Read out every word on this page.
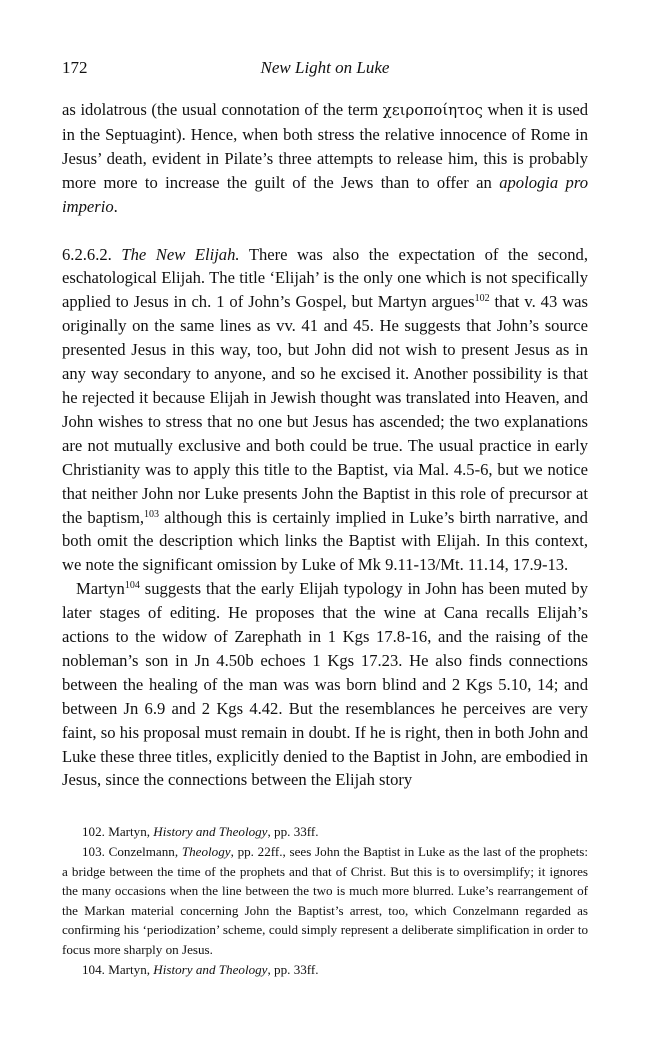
172	New Light on Luke

as idolatrous (the usual connotation of the term χειροποίητος when it is used in the Septuagint). Hence, when both stress the relative innocence of Rome in Jesus’ death, evident in Pilate’s three attempts to release him, this is probably more more to increase the guilt of the Jews than to offer an apologia pro imperio.

6.2.6.2. The New Elijah. There was also the expectation of the second, eschatological Elijah. The title ‘Elijah’ is the only one which is not specifically applied to Jesus in ch. 1 of John’s Gospel, but Martyn argues$^{102}$ that v. 43 was originally on the same lines as vv. 41 and 45. He suggests that John’s source presented Jesus in this way, too, but John did not wish to present Jesus as in any way secondary to anyone, and so he excised it. Another possibility is that he rejected it because Elijah in Jewish thought was translated into Heaven, and John wishes to stress that no one but Jesus has ascended; the two explanations are not mutually exclusive and both could be true. The usual practice in early Christianity was to apply this title to the Baptist, via Mal. 4.5-6, but we notice that neither John nor Luke presents John the Baptist in this role of precursor at the baptism,$^{103}$ although this is certainly implied in Luke’s birth narrative, and both omit the description which links the Baptist with Elijah. In this context, we note the significant omission by Luke of Mk 9.11-13/Mt. 11.14, 17.9-13.

Martyn$^{104}$ suggests that the early Elijah typology in John has been muted by later stages of editing. He proposes that the wine at Cana recalls Elijah’s actions to the widow of Zarephath in 1 Kgs 17.8-16, and the raising of the nobleman’s son in Jn 4.50b echoes 1 Kgs 17.23. He also finds connections between the healing of the man was was born blind and 2 Kgs 5.10, 14; and between Jn 6.9 and 2 Kgs 4.42. But the resemblances he perceives are very faint, so his proposal must remain in doubt. If he is right, then in both John and Luke these three titles, explicitly denied to the Baptist in John, are embodied in Jesus, since the connections between the Elijah story

102. Martyn, History and Theology, pp. 33ff.

103. Conzelmann, Theology, pp. 22ff., sees John the Baptist in Luke as the last of the prophets: a bridge between the time of the prophets and that of Christ. But this is to oversimplify; it ignores the many occasions when the line between the two is much more blurred. Luke’s rearrangement of the Markan material concerning John the Baptist’s arrest, too, which Conzelmann regarded as confirming his ‘periodization’ scheme, could simply represent a deliberate simplification in order to focus more sharply on Jesus.

104. Martyn, History and Theology, pp. 33ff.
